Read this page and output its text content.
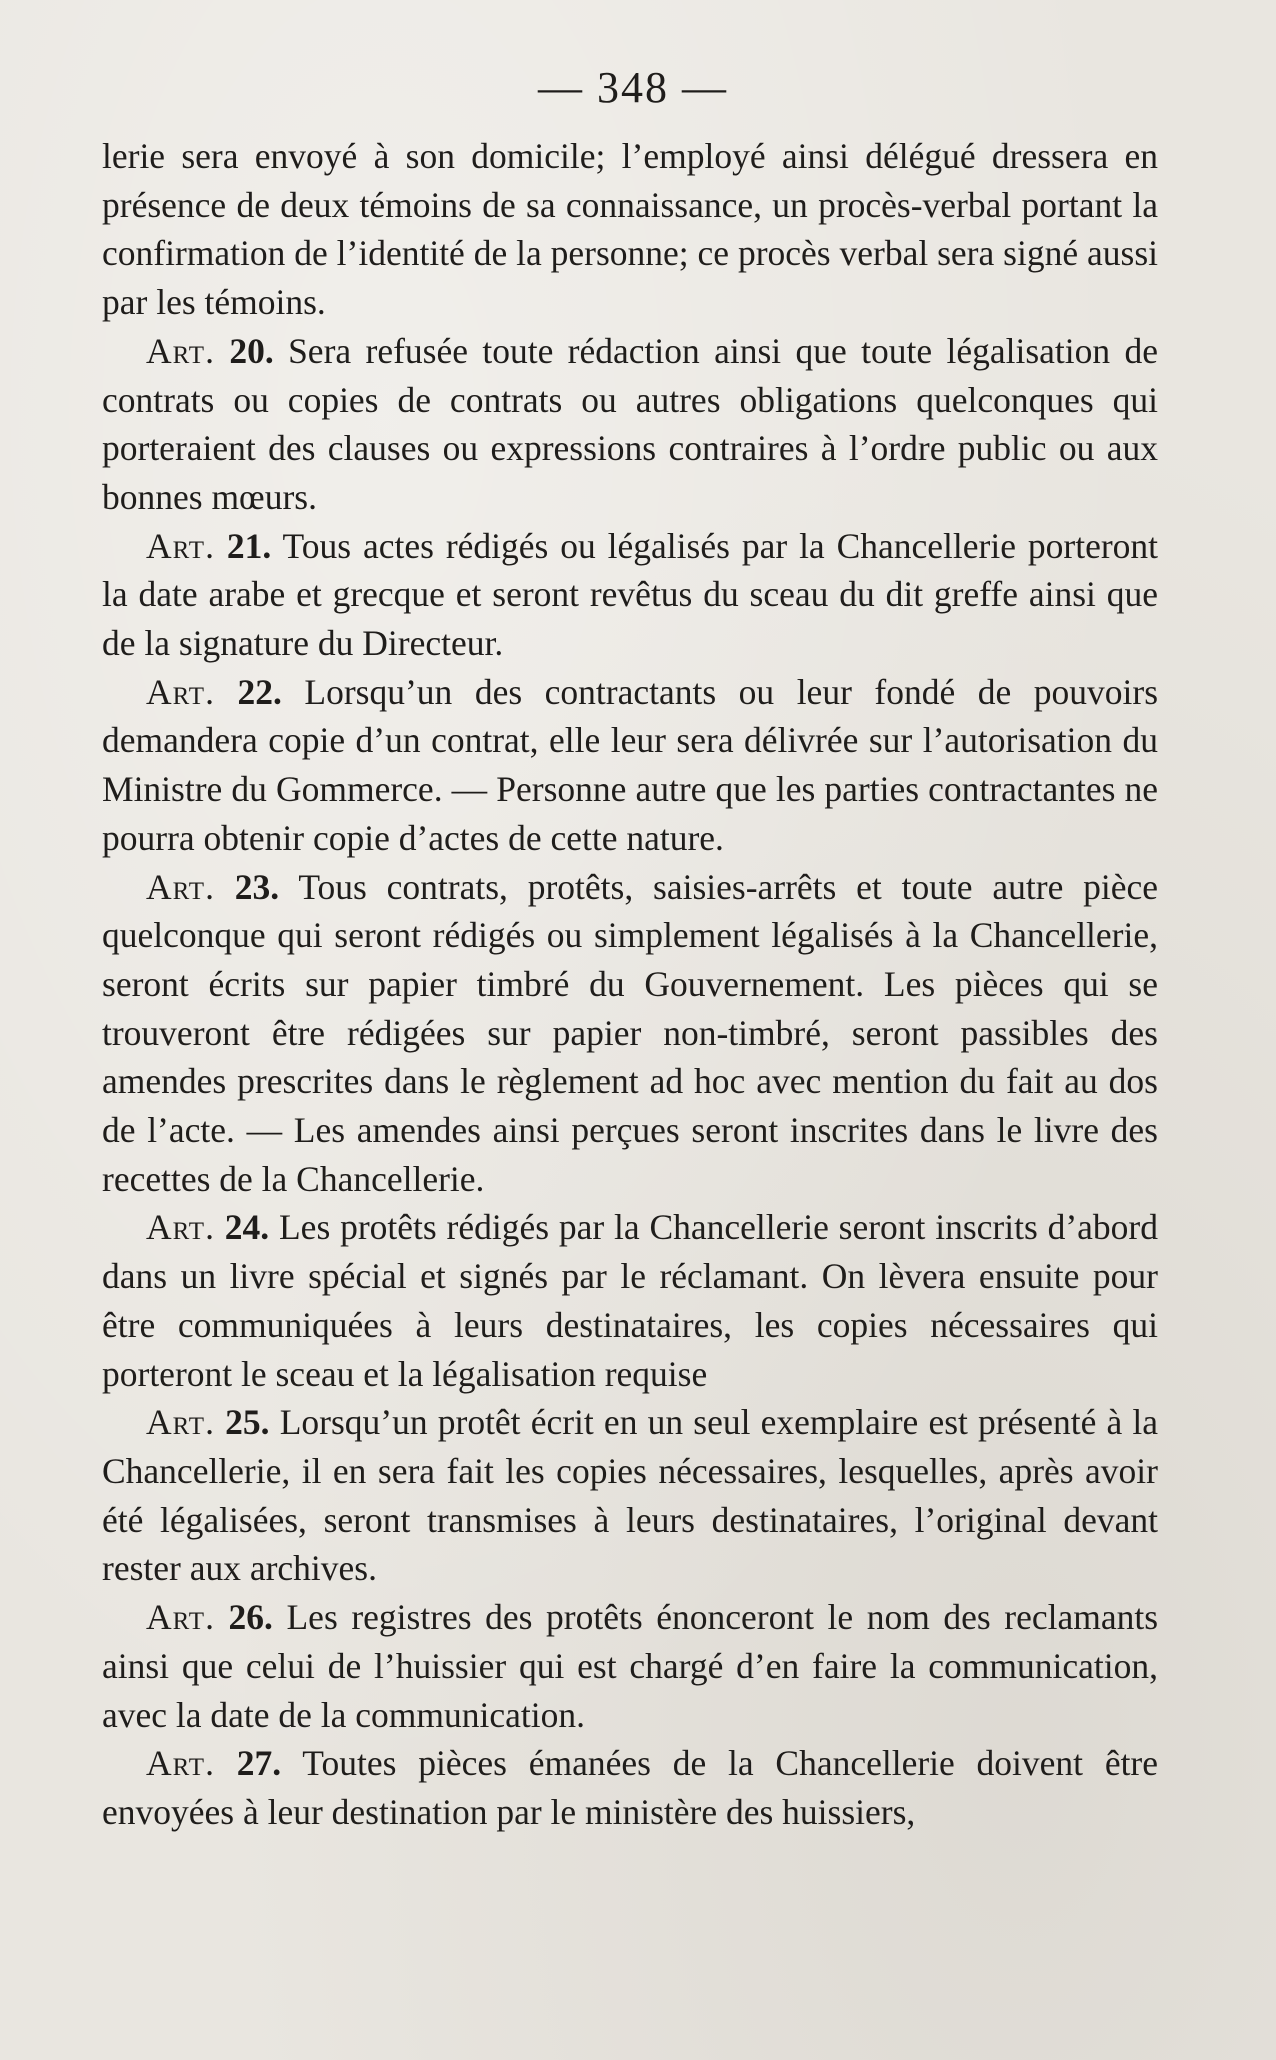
— 348 —

lerie sera envoyé à son domicile; l’employé ainsi délégué dressera en présence de deux témoins de sa connaissance, un procès-verbal portant la confirmation de l’identité de la personne; ce procès verbal sera signé aussi par les témoins.

Art. 20. Sera refusée toute rédaction ainsi que toute légalisation de contrats ou copies de contrats ou autres obligations quelconques qui porteraient des clauses ou expressions contraires à l’ordre public ou aux bonnes mœurs.

Art. 21. Tous actes rédigés ou légalisés par la Chancellerie porteront la date arabe et grecque et seront revêtus du sceau du dit greffe ainsi que de la signature du Directeur.

Art. 22. Lorsqu’un des contractants ou leur fondé de pouvoirs demandera copie d’un contrat, elle leur sera délivrée sur l’autorisation du Ministre du Gommerce. — Personne autre que les parties contractantes ne pourra obtenir copie d’actes de cette nature.

Art. 23. Tous contrats, protêts, saisies-arrêts et toute autre pièce quelconque qui seront rédigés ou simplement légalisés à la Chancellerie, seront écrits sur papier timbré du Gouvernement. Les pièces qui se trouveront être rédigées sur papier non-timbré, seront passibles des amendes prescrites dans le règlement ad hoc avec mention du fait au dos de l’acte. — Les amendes ainsi perçues seront inscrites dans le livre des recettes de la Chancellerie.

Art. 24. Les protêts rédigés par la Chancellerie seront inscrits d’abord dans un livre spécial et signés par le réclamant. On lèvera ensuite pour être communiquées à leurs destinataires, les copies nécessaires qui porteront le sceau et la légalisation requise

Art. 25. Lorsqu’un protêt écrit en un seul exemplaire est présenté à la Chancellerie, il en sera fait les copies nécessaires, lesquelles, après avoir été légalisées, seront transmises à leurs destinataires, l’original devant rester aux archives.

Art. 26. Les registres des protêts énonceront le nom des reclamants ainsi que celui de l’huissier qui est chargé d’en faire la communication, avec la date de la communication.

Art. 27. Toutes pièces émanées de la Chancellerie doivent être envoyées à leur destination par le ministère des huissiers,
